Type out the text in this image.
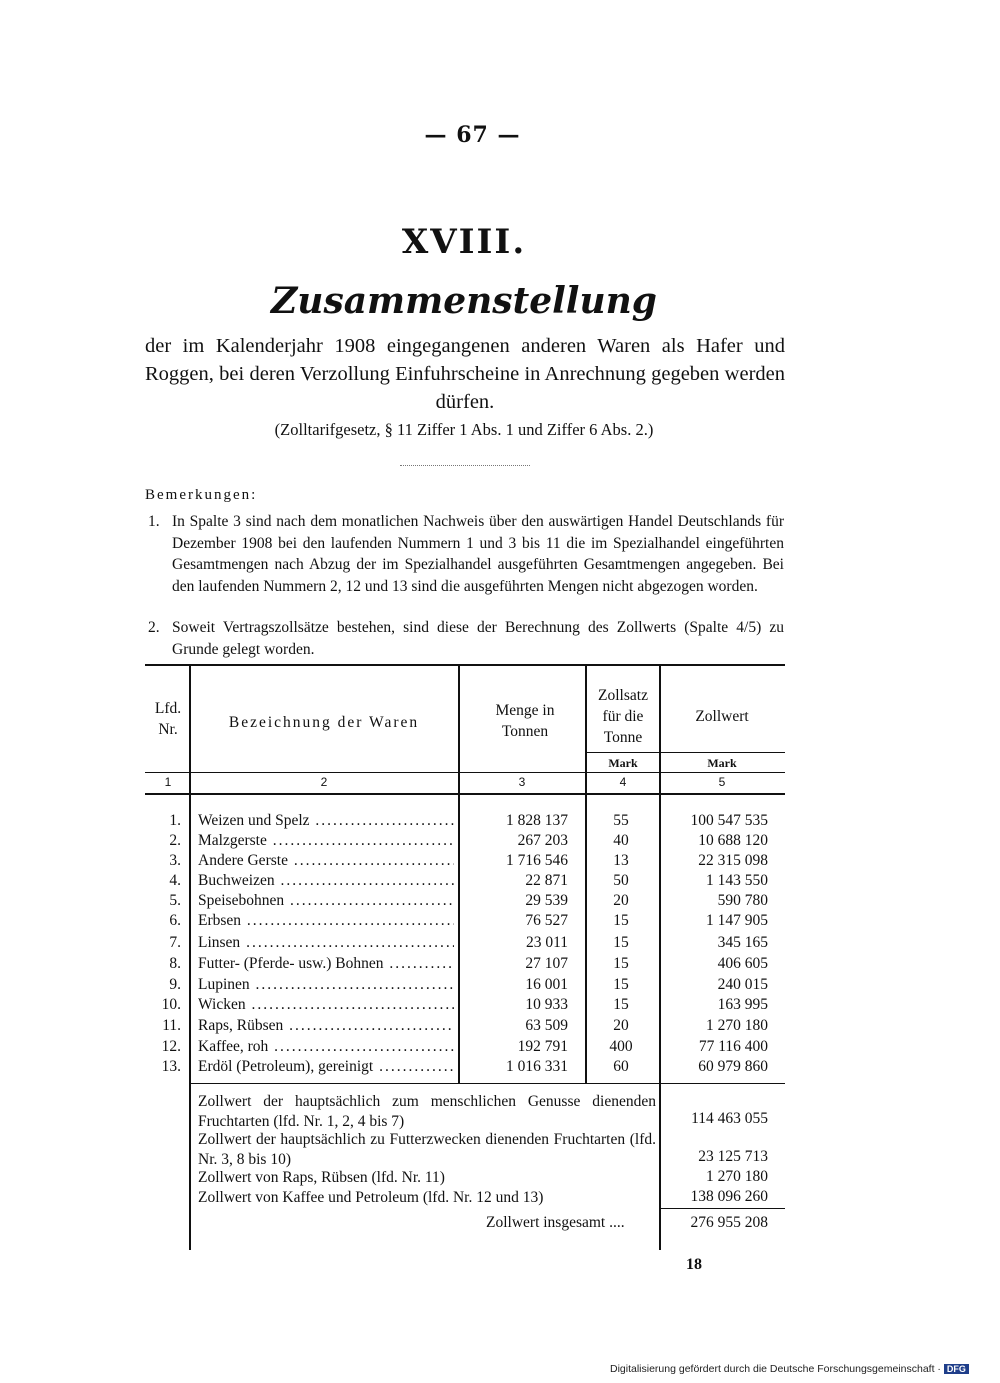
— 67 —
XVIII.
Zusammenstellung
der im Kalenderjahr 1908 eingegangenen anderen Waren als Hafer und Roggen, bei deren Verzollung Einfuhrscheine in Anrechnung gegeben werden dürfen.
(Zolltarifgesetz, § 11 Ziffer 1 Abs. 1 und Ziffer 6 Abs. 2.)
Bemerkungen:
1. In Spalte 3 sind nach dem monatlichen Nachweis über den auswärtigen Handel Deutschlands für Dezember 1908 bei den laufenden Nummern 1 und 3 bis 11 die im Spezialhandel eingeführten Gesamtmengen nach Abzug der im Spezialhandel ausgeführten Gesamtmengen angegeben. Bei den laufenden Nummern 2, 12 und 13 sind die ausgeführten Mengen nicht abgezogen worden.
2. Soweit Vertragszollsätze bestehen, sind diese der Berechnung des Zollwerts (Spalte 4/5) zu Grunde gelegt worden.
Lfd. Nr.	Bezeichnung der Waren
Menge in Tonnen
Zollsatz für die Tonne
Zollwert
Mark	Mark
1	2	3	4	5
1. Weizen und Spelz .....	1 828 137	55	100 547 535
2. Malzgerste .....	267 203	40	10 688 120
3. Andere Gerste .....	1 716 546	13	22 315 098
4. Buchweizen .....	22 871	50	1 143 550
5. Speisebohnen .....	29 539	20	590 780
6. Erbsen .....	76 527	15	1 147 905
7. Linsen .....	23 011	15	345 165
8. Futter- (Pferde- usw.) Bohnen .....	27 107	15	406 605
9. Lupinen .....	16 001	15	240 015
10. Wicken .....	10 933	15	163 995
11. Raps, Rübsen .....	63 509	20	1 270 180
12. Kaffee, roh .....	192 791	400	77 116 400
13. Erdöl (Petroleum), gereinigt .....	1 016 331	60	60 979 860
Zollwert der hauptsächlich zum menschlichen Genusse dienenden Fruchtarten (lfd. Nr. 1, 2, 4 bis 7)	114 463 055
Zollwert der hauptsächlich zu Futterzwecken dienenden Fruchtarten (lfd. Nr. 3, 8 bis 10)	23 125 713
Zollwert von Raps, Rübsen (lfd. Nr. 11)	1 270 180
Zollwert von Kaffee und Petroleum (lfd. Nr. 12 und 13)	138 096 260
Zollwert insgesamt ....	276 955 208
18
Digitalisierung gefördert durch die Deutsche Forschungsgemeinschaft · DFG
